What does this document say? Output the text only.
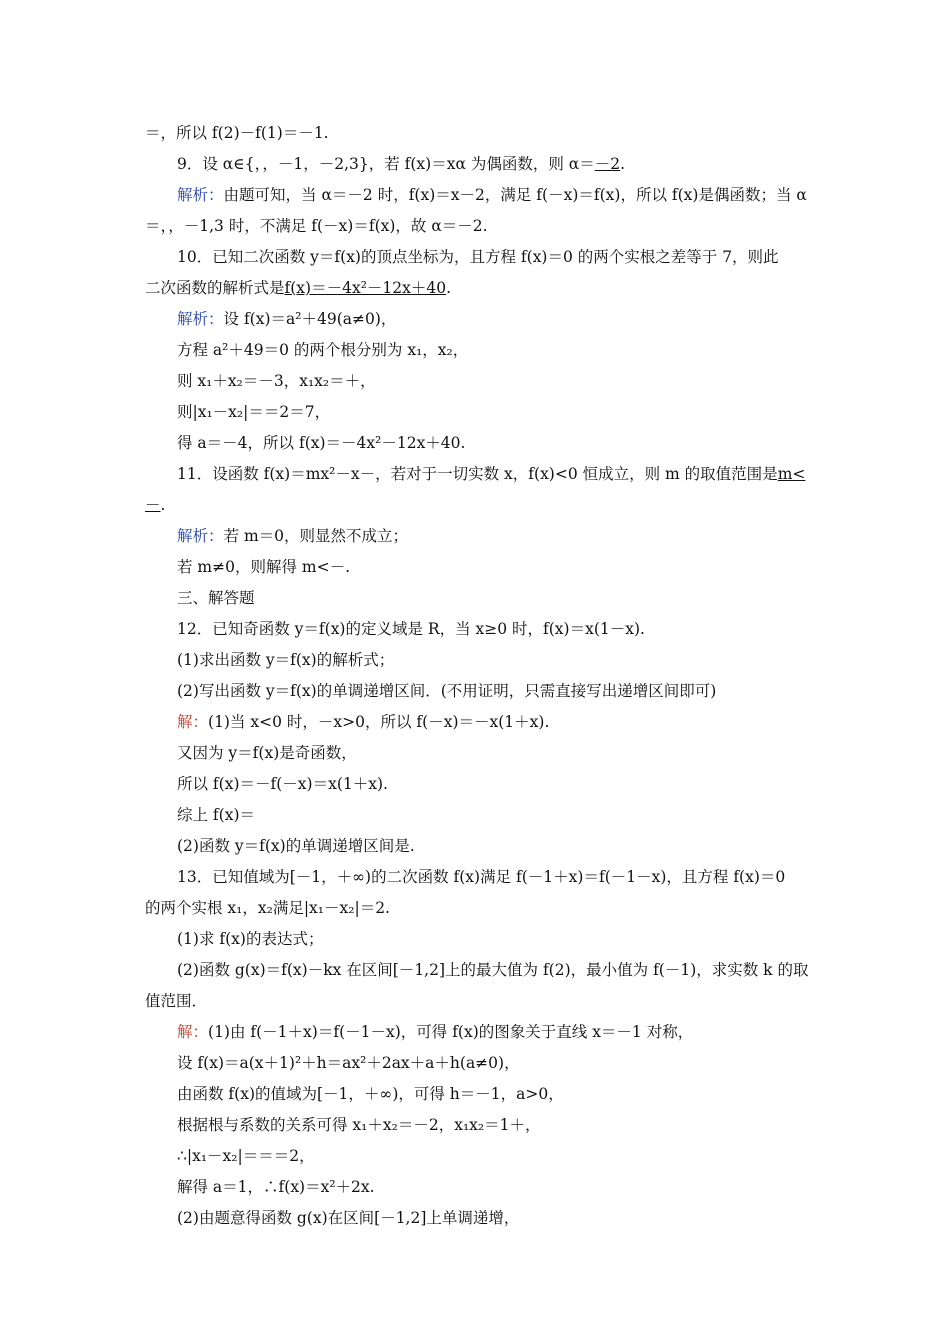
＝，所以 f(2)－f(1)＝－1.
9．设 α∈{，，－1，－2,3}，若 f(x)＝xα 为偶函数，则 α＝－2.
解析：由题可知，当 α＝－2 时，f(x)＝x－2，满足 f(－x)＝f(x)，所以 f(x)是偶函数；当 α
＝，，－1,3 时，不满足 f(－x)＝f(x)，故 α＝－2.
10．已知二次函数 y＝f(x)的顶点坐标为，且方程 f(x)＝0 的两个实根之差等于 7，则此
二次函数的解析式是f(x)＝－4x²－12x＋40.
解析：设 f(x)＝a²＋49(a≠0)，
方程 a²＋49＝0 的两个根分别为 x₁，x₂，
则 x₁＋x₂＝－3，x₁x₂＝＋，
则|x₁－x₂|＝＝2＝7，
得 a＝－4，所以 f(x)＝－4x²－12x＋40.
11．设函数 f(x)＝mx²－x－，若对于一切实数 x，f(x)<0 恒成立，则 m 的取值范围是m<
－.
解析：若 m＝0，则显然不成立；
若 m≠0，则解得 m<－.
三、解答题
12．已知奇函数 y＝f(x)的定义域是 R，当 x≥0 时，f(x)＝x(1－x).
(1)求出函数 y＝f(x)的解析式；
(2)写出函数 y＝f(x)的单调递增区间．(不用证明，只需直接写出递增区间即可)
解：(1)当 x<0 时，－x>0，所以 f(－x)＝－x(1＋x).
又因为 y＝f(x)是奇函数，
所以 f(x)＝－f(－x)＝x(1＋x).
综上 f(x)＝
(2)函数 y＝f(x)的单调递增区间是.
13．已知值域为[－1，＋∞)的二次函数 f(x)满足 f(－1＋x)＝f(－1－x)，且方程 f(x)＝0
的两个实根 x₁，x₂满足|x₁－x₂|＝2.
(1)求 f(x)的表达式；
(2)函数 g(x)＝f(x)－kx 在区间[－1,2]上的最大值为 f(2)，最小值为 f(－1)，求实数 k 的取
值范围．
解：(1)由 f(－1＋x)＝f(－1－x)，可得 f(x)的图象关于直线 x＝－1 对称，
设 f(x)＝a(x＋1)²＋h＝ax²＋2ax＋a＋h(a≠0)，
由函数 f(x)的值域为[－1，＋∞)，可得 h＝－1，a>0，
根据根与系数的关系可得 x₁＋x₂＝－2，x₁x₂＝1＋，
∴|x₁－x₂|＝＝＝2，
解得 a＝1，∴f(x)＝x²＋2x.
(2)由题意得函数 g(x)在区间[－1,2]上单调递增，
